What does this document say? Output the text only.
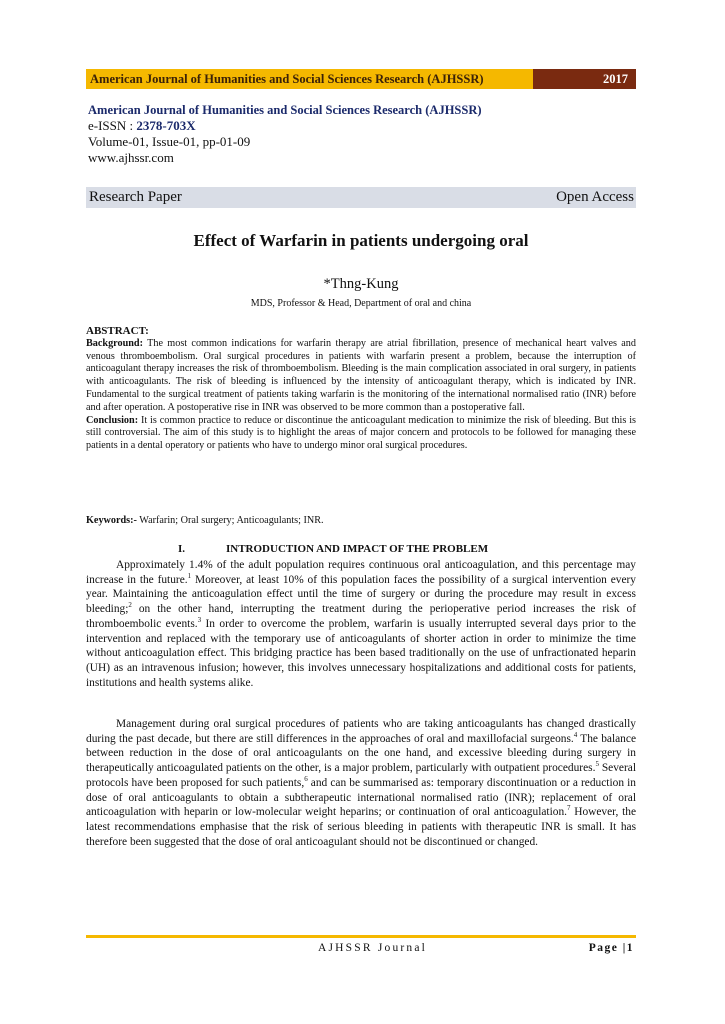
American Journal of Humanities and Social Sciences Research (AJHSSR)	2017
American Journal of Humanities and Social Sciences Research (AJHSSR)
e-ISSN : 2378-703X
Volume-01, Issue-01, pp-01-09
www.ajhssr.com
Research Paper	Open Access
Effect of Warfarin in patients undergoing oral
*Thng-Kung
MDS, Professor & Head, Department of oral and china
ABSTRACT:
Background: The most common indications for warfarin therapy are atrial fibrillation, presence of mechanical heart valves and venous thromboembolism. Oral surgical procedures in patients with warfarin present a problem, because the interruption of anticoagulant therapy increases the risk of thromboembolism. Bleeding is the main complication associated in oral surgery, in patients with anticoagulants. The risk of bleeding is influenced by the intensity of anticoagulant therapy, which is indicated by INR. Fundamental to the surgical treatment of patients taking warfarin is the monitoring of the international normalised ratio (INR) before and after operation. A postoperative rise in INR was observed to be more common than a postoperative fall.
Conclusion: It is common practice to reduce or discontinue the anticoagulant medication to minimize the risk of bleeding. But this is still controversial. The aim of this study is to highlight the areas of major concern and protocols to be followed for managing these patients in a dental operatory or patients who have to undergo minor oral surgical procedures.
Keywords:- Warfarin; Oral surgery; Anticoagulants; INR.
I.	INTRODUCTION AND IMPACT OF THE PROBLEM
Approximately 1.4% of the adult population requires continuous oral anticoagulation, and this percentage may increase in the future.$^1$ Moreover, at least 10% of this population faces the possibility of a surgical intervention every year. Maintaining the anticoagulation effect until the time of surgery or during the procedure may result in excess bleeding;$^2$ on the other hand, interrupting the treatment during the perioperative period increases the risk of thromboembolic events.$^3$ In order to overcome the problem, warfarin is usually interrupted several days prior to the intervention and replaced with the temporary use of anticoagulants of shorter action in order to minimize the time without anticoagulation effect. This bridging practice has been based traditionally on the use of unfractionated heparin (UH) as an intravenous infusion; however, this involves unnecessary hospitalizations and additional costs for patients, institutions and health systems alike.
Management during oral surgical procedures of patients who are taking anticoagulants has changed drastically during the past decade, but there are still differences in the approaches of oral and maxillofacial surgeons.$^4$ The balance between reduction in the dose of oral anticoagulants on the one hand, and excessive bleeding during surgery in therapeutically anticoagulated patients on the other, is a major problem, particularly with outpatient procedures.$^5$ Several protocols have been proposed for such patients,$^6$ and can be summarised as: temporary discontinuation or a reduction in dose of oral anticoagulants to obtain a subtherapeutic international normalised ratio (INR); replacement of oral anticoagulation with heparin or low-molecular weight heparins; or continuation of oral anticoagulation.$^7$ However, the latest recommendations emphasise that the risk of serious bleeding in patients with therapeutic INR is small. It has therefore been suggested that the dose of oral anticoagulant should not be discontinued or changed.
AJHSSR Journal	Page |1
